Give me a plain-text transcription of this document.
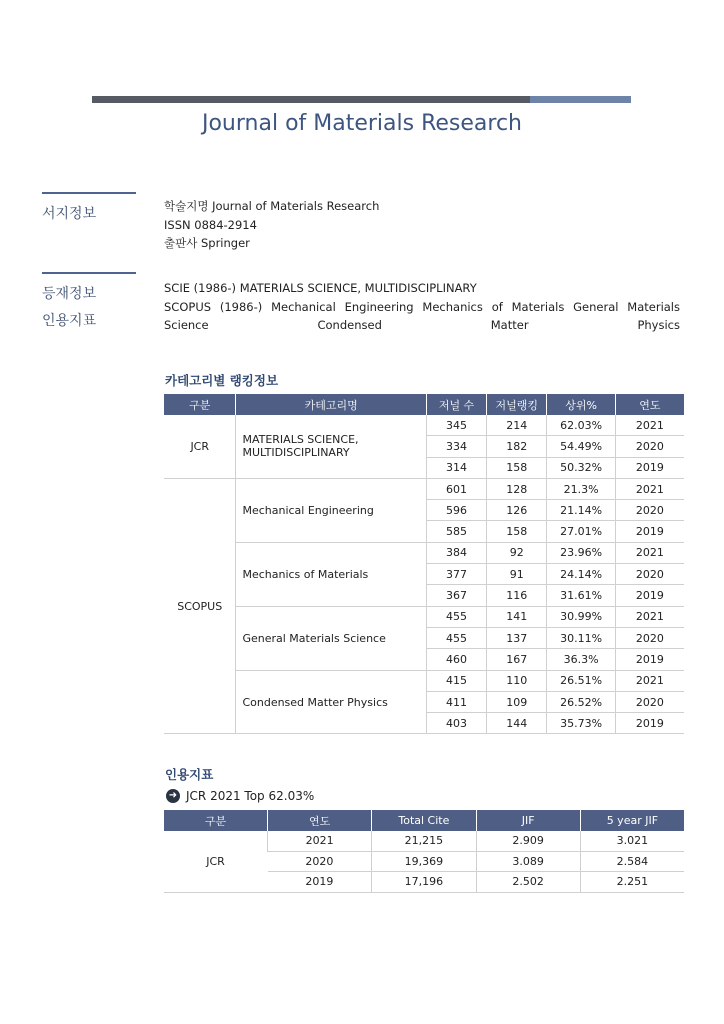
Journal of Materials Research
서지정보	학술지명 Journal of Materials Research
ISSN 0884-2914
출판사 Springer
등재정보
인용지표
SCIE (1986-) MATERIALS SCIENCE, MULTIDISCIPLINARY
SCOPUS (1986-) Mechanical Engineering Mechanics of Materials General Materials Science Condensed Matter Physics
카테고리별 랭킹정보
구분	카테고리명	저널 수	저널랭킹	상위%	연도
JCR	MATERIALS SCIENCE, MULTIDISCIPLINARY	345	214	62.03%	2021
		334	182	54.49%	2020
		314	158	50.32%	2019
SCOPUS	Mechanical Engineering	601	128	21.3%	2021
		596	126	21.14%	2020
		585	158	27.01%	2019
	Mechanics of Materials	384	92	23.96%	2021
		377	91	24.14%	2020
		367	116	31.61%	2019
	General Materials Science	455	141	30.99%	2021
		455	137	30.11%	2020
		460	167	36.3%	2019
	Condensed Matter Physics	415	110	26.51%	2021
		411	109	26.52%	2020
		403	144	35.73%	2019
인용지표
➜ JCR 2021 Top 62.03%
구분	연도	Total Cite	JIF	5 year JIF
JCR	2021	21,215	2.909	3.021
	2020	19,369	3.089	2.584
	2019	17,196	2.502	2.251
